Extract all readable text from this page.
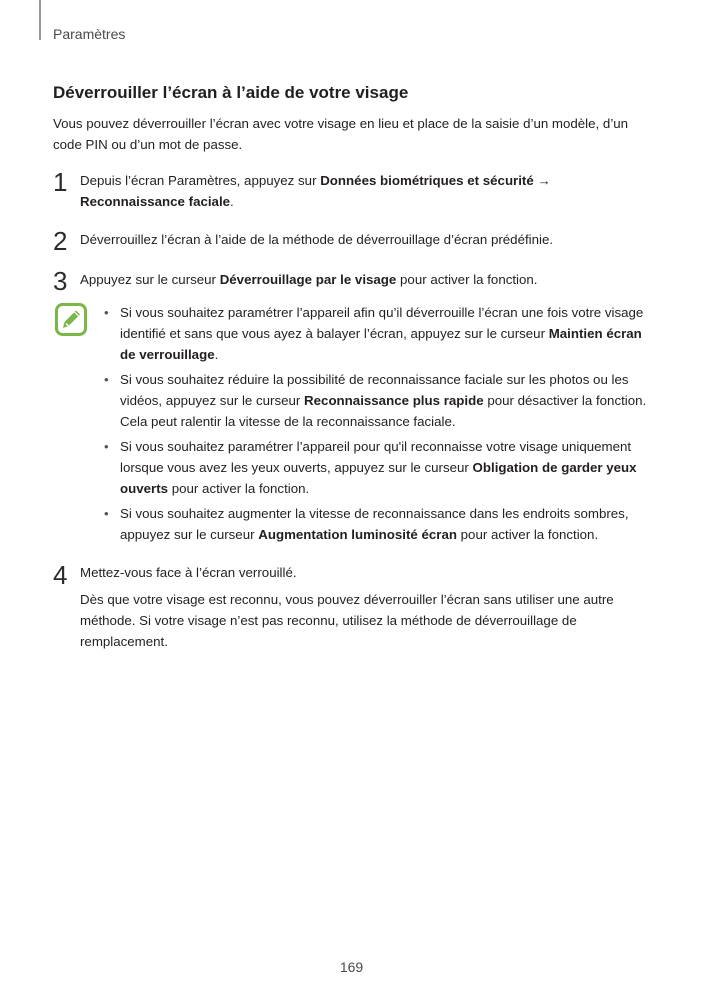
Paramètres
Déverrouiller l’écran à l’aide de votre visage
Vous pouvez déverrouiller l’écran avec votre visage en lieu et place de la saisie d’un modèle, d’un code PIN ou d’un mot de passe.
1 Depuis l’écran Paramètres, appuyez sur Données biométriques et sécurité → Reconnaissance faciale.
2 Déverrouillez l’écran à l’aide de la méthode de déverrouillage d’écran prédéfinie.
3 Appuyez sur le curseur Déverrouillage par le visage pour activer la fonction.
• Si vous souhaitez paramétrer l’appareil afin qu’il déverrouille l’écran une fois votre visage identifié et sans que vous ayez à balayer l’écran, appuyez sur le curseur Maintien écran de verrouillage.
• Si vous souhaitez réduire la possibilité de reconnaissance faciale sur les photos ou les vidéos, appuyez sur le curseur Reconnaissance plus rapide pour désactiver la fonction. Cela peut ralentir la vitesse de la reconnaissance faciale.
• Si vous souhaitez paramétrer l’appareil pour qu'il reconnaisse votre visage uniquement lorsque vous avez les yeux ouverts, appuyez sur le curseur Obligation de garder yeux ouverts pour activer la fonction.
• Si vous souhaitez augmenter la vitesse de reconnaissance dans les endroits sombres, appuyez sur le curseur Augmentation luminosité écran pour activer la fonction.
4 Mettez-vous face à l’écran verrouillé.
Dès que votre visage est reconnu, vous pouvez déverrouiller l’écran sans utiliser une autre méthode. Si votre visage n’est pas reconnu, utilisez la méthode de déverrouillage de remplacement.
169
